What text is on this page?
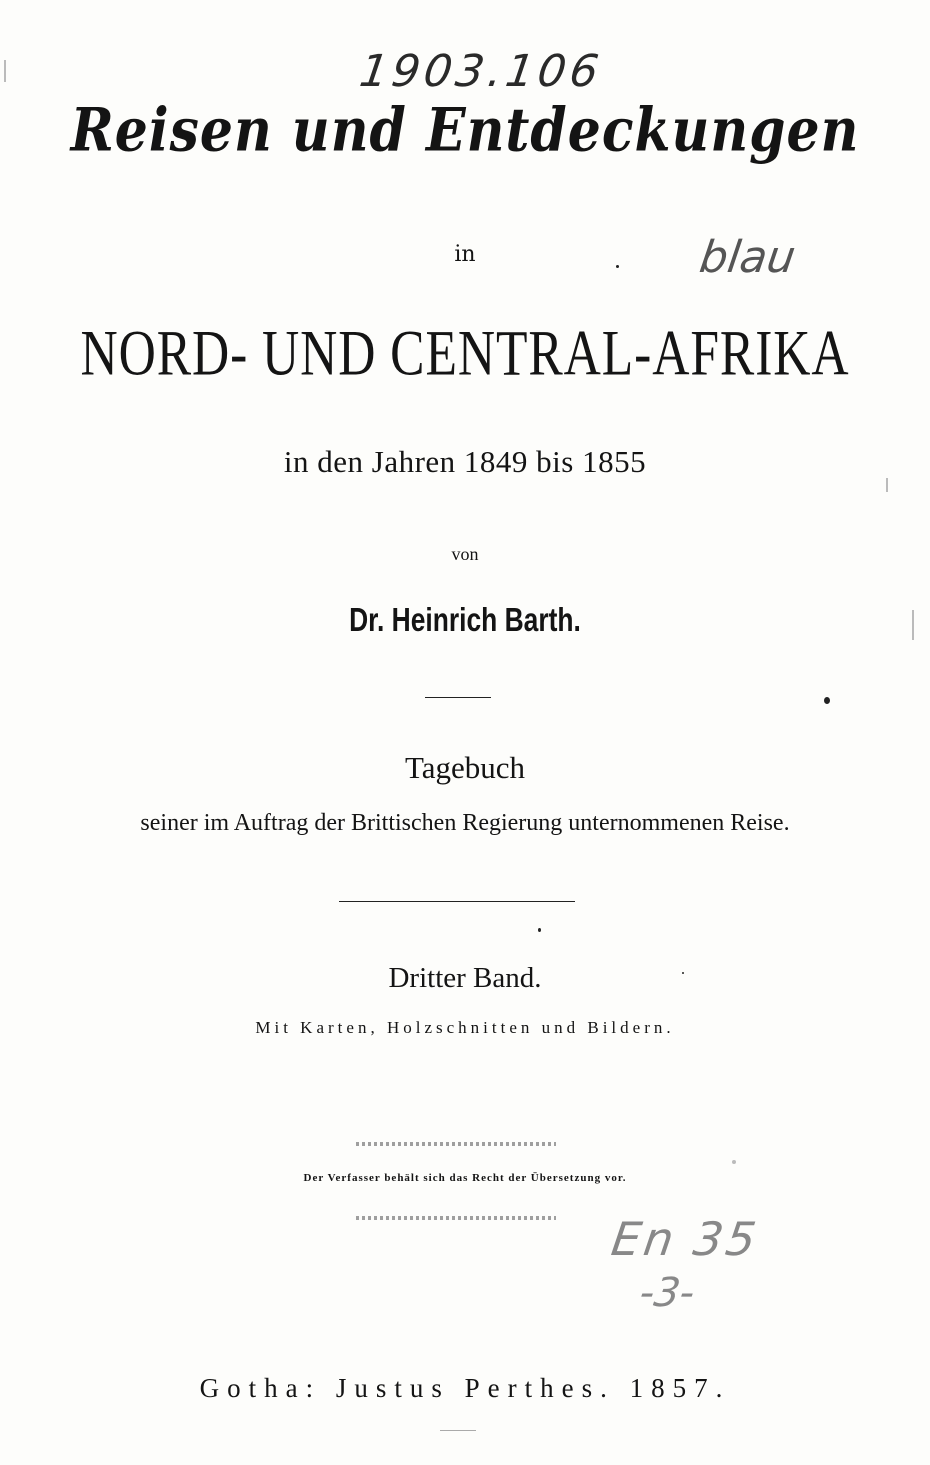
1903.106
blau
Reisen und Entdeckungen
in
NORD- UND CENTRAL-AFRIKA
in den Jahren 1849 bis 1855
von
Dr. Heinrich Barth.
Tagebuch
seiner im Auftrag der Brittischen Regierung unternommenen Reise.
Dritter Band.
Mit Karten, Holzschnitten und Bildern.
Der Verfasser behält sich das Recht der Übersetzung vor.
En 35
-3-
Gotha: Justus Perthes. 1857.
